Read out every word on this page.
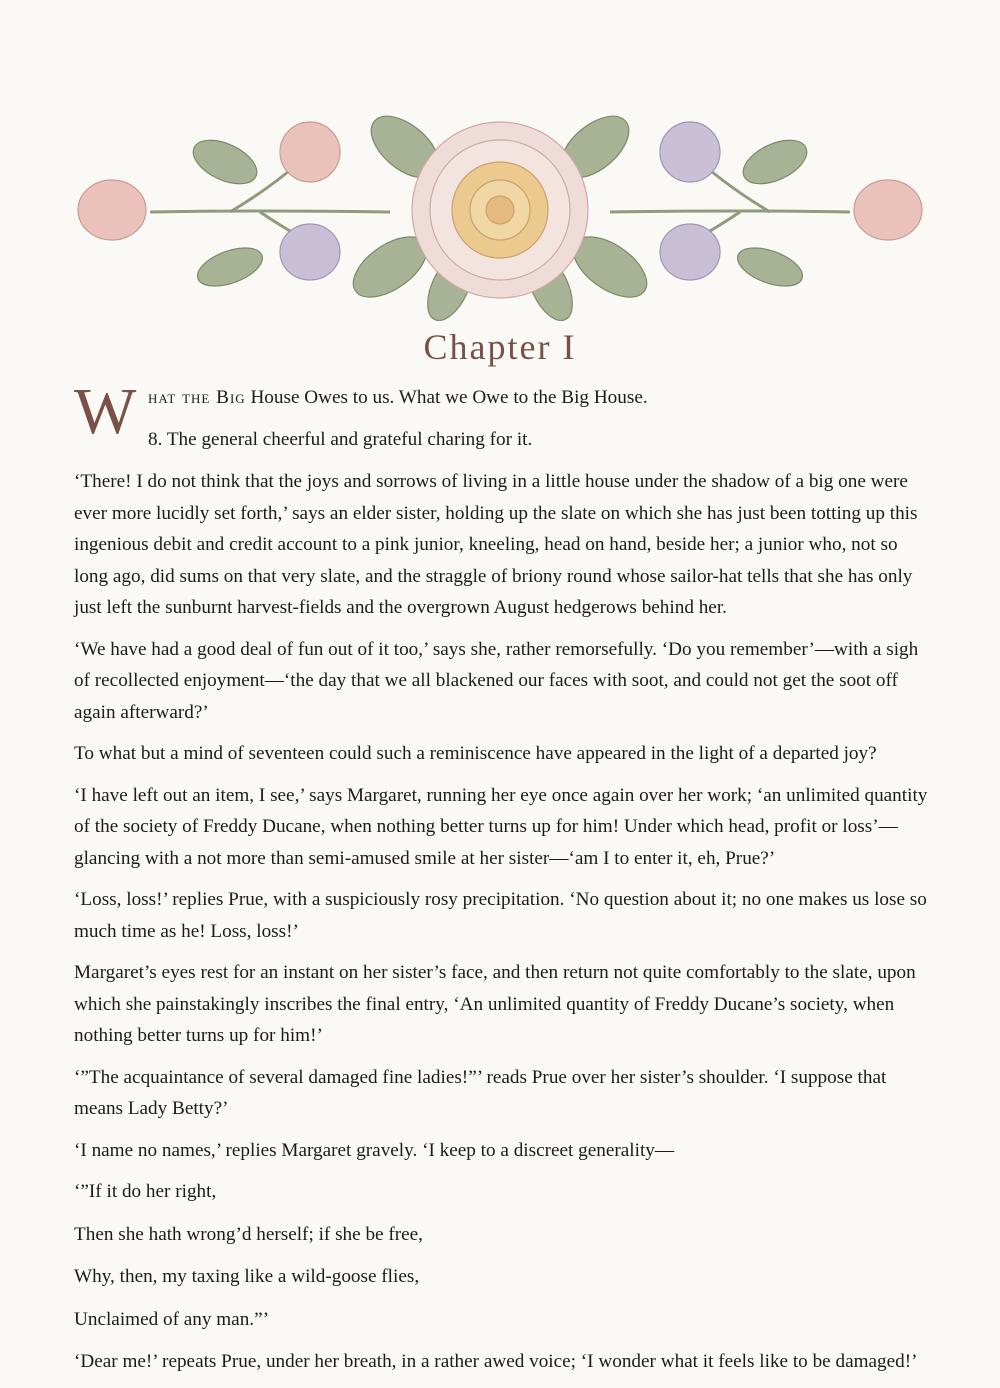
Chapter I
W hat the Big House Owes to us. What we Owe to the Big House.
8. The general cheerful and grateful charing for it.

‘There! I do not think that the joys and sorrows of living in a little house under the shadow of a big one were ever more lucidly set forth,’ says an elder sister, holding up the slate on which she has just been totting up this ingenious debit and credit account to a pink junior, kneeling, head on hand, beside her; a junior who, not so long ago, did sums on that very slate, and the straggle of briony round whose sailor-hat tells that she has only just left the sunburnt harvest-fields and the overgrown August hedgerows behind her.

‘We have had a good deal of fun out of it too,’ says she, rather remorsefully. ‘Do you remember’—with a sigh of recollected enjoyment—‘the day that we all blackened our faces with soot, and could not get the soot off again afterward?’

To what but a mind of seventeen could such a reminiscence have appeared in the light of a departed joy?

‘I have left out an item, I see,’ says Margaret, running her eye once again over her work; ‘an unlimited quantity of the society of Freddy Ducane, when nothing better turns up for him! Under which head, profit or loss’—glancing with a not more than semi-amused smile at her sister—‘am I to enter it, eh, Prue?’

‘Loss, loss!’ replies Prue, with a suspiciously rosy precipitation. ‘No question about it; no one makes us lose so much time as he! Loss, loss!’

Margaret’s eyes rest for an instant on her sister’s face, and then return not quite comfortably to the slate, upon which she painstakingly inscribes the final entry, ‘An unlimited quantity of Freddy Ducane’s society, when nothing better turns up for him!’

‘”The acquaintance of several damaged fine ladies!”’ reads Prue over her sister’s shoulder. ‘I suppose that means Lady Betty?’

‘I name no names,’ replies Margaret gravely. ‘I keep to a discreet generality—

‘”If it do her right,

Then she hath wrong’d herself; if she be free,

Why, then, my taxing like a wild-goose flies,

Unclaimed of any man.”’

‘Dear me!’ repeats Prue, under her breath, in a rather awed voice; ‘I wonder what it feels like to be damaged!’
